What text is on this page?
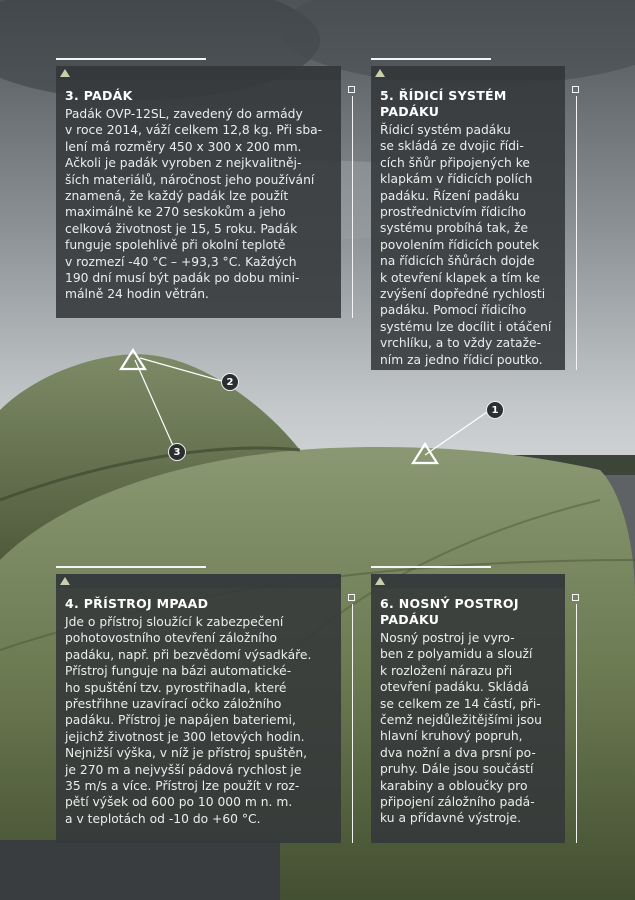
1
2
3
3. PADÁK

Padák OVP-12SL, zavedený do armády
v roce 2014, váží celkem 12,8 kg. Při sba-
lení má rozměry 450 x 300 x 200 mm.
Ačkoli je padák vyroben z nejkvalitněj-
ších materiálů, náročnost jeho používání
znamená, že každý padák lze použít
maximálně ke 270 seskokům a jeho
celková životnost je 15, 5 roku. Padák
funguje spolehlivě při okolní teplotě
v rozmezí -40 °C – +93,3 °C. Každých
190 dní musí být padák po dobu mini-
málně 24 hodin větrán.

5. ŘÍDICÍ SYSTÉM PADÁKU

Řídicí systém padáku
se skládá ze dvojic řídi-
cích šňůr připojených ke
klapkám v řídicích polích
padáku. Řízení padáku
prostřednictvím řídicího
systému probíhá tak, že
povolením řídicích poutek
na řídicích šňůrách dojde
k otevření klapek a tím ke
zvýšení dopředné rychlosti
padáku. Pomocí řídicího
systému lze docílit i otáčení
vrchlíku, a to vždy zataže-
ním za jedno řídicí poutko.

4. PŘÍSTROJ MPAAD

Jde o přístroj sloužící k zabezpečení
pohotovostního otevření záložního
padáku, např. při bezvědomí výsadkáře.
Přístroj funguje na bázi automatické-
ho spuštění tzv. pyrostřihadla, které
přestřihne uzavírací očko záložního
padáku. Přístroj je napájen bateriemi,
jejichž životnost je 300 letových hodin.
Nejnižší výška, v níž je přístroj spuštěn,
je 270 m a nejvyšší pádová rychlost je
35 m/s a více. Přístroj lze použít v roz-
pětí výšek od 600 po 10 000 m n. m.
a v teplotách od -10 do +60 °C.

6. NOSNÝ POSTROJ
PADÁKU

Nosný postroj je vyro-
ben z polyamidu a slouží
k rozložení nárazu při
otevření padáku. Skládá
se celkem ze 14 částí, při-
čemž nejdůležitějšími jsou
hlavní kruhový popruh,
dva nožní a dva prsní po-
pruhy. Dále jsou součástí
karabiny a obloučky pro
připojení záložního padá-
ku a přídavné výstroje.
